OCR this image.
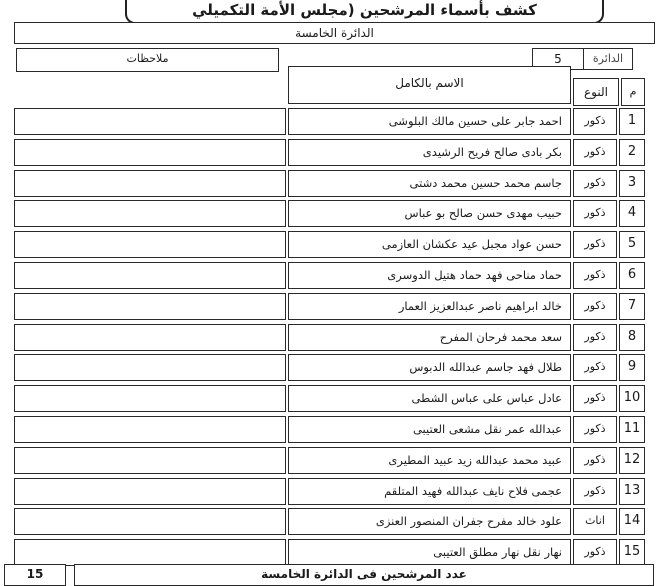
كشف بأسماء المرشحين (مجلس الأمة التكميلي
الدائرة الخامسة
الدائرة
5
ملاحظات
م
النوع
الاسم بالكامل
1
ذكور
احمد جابر على حسين مالك البلوشى
2
ذكور
بكر بادى صالح فريح الرشيدى
3
ذكور
جاسم محمد حسين محمد دشتى
4
ذكور
حبيب مهدى حسن صالح بو عباس
5
ذكور
حسن عواد مجبل عيد عكشان العازمى
6
ذكور
حماد مناحى فهد حماد هتيل الدوسرى
7
ذكور
خالد ابراهيم ناصر عبدالعزيز العمار
8
ذكور
سعد محمد فرحان المفرح
9
ذكور
طلال فهد جاسم عبدالله الدبوس
10
ذكور
عادل عباس على عباس الشطى
11
ذكور
عبدالله عمر نقل مشعى العتيبى
12
ذكور
عبيد محمد عبدالله زيد عبيد المطيرى
13
ذكور
عجمى فلاح نايف عبدالله فهيد المتلقم
14
اناث
علود خالد مفرح جفران المنصور العنزى
15
ذكور
نهار نقل نهار مطلق العتيبى
15	عدد المرشحين فى الدائرة الخامسة
